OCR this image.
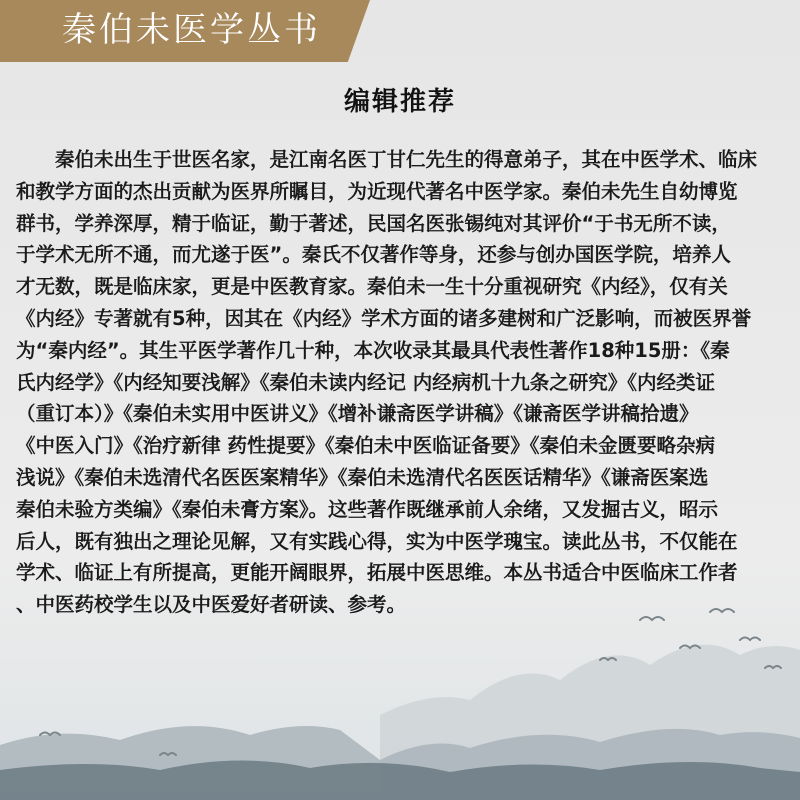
秦伯未医学丛书
编辑推荐
　　秦伯未出生于世医名家，是江南名医丁甘仁先生的得意弟子，其在中医学术、临床
和教学方面的杰出贡献为医界所瞩目，为近现代著名中医学家。秦伯未先生自幼博览
群书，学养深厚，精于临证，勤于著述，民国名医张锡纯对其评价“于书无所不读，
于学术无所不通，而尤遂于医”。秦氏不仅著作等身，还参与创办国医学院，培养人
才无数，既是临床家，更是中医教育家。秦伯未一生十分重视研究《内经》，仅有关
《内经》专著就有5种，因其在《内经》学术方面的诸多建树和广泛影响，而被医界誉
为“秦内经”。其生平医学著作几十种，本次收录其最具代表性著作18种15册：《秦
氏内经学》《内经知要浅解》《秦伯未读内经记 内经病机十九条之研究》《内经类证
（重订本）》《秦伯未实用中医讲义》《增补谦斋医学讲稿》《谦斋医学讲稿拾遗》
《中医入门》《治疗新律 药性提要》《秦伯未中医临证备要》《秦伯未金匮要略杂病
浅说》《秦伯未选清代名医医案精华》《秦伯未选清代名医医话精华》《谦斋医案选
秦伯未验方类编》《秦伯未膏方案》。这些著作既继承前人余绪，又发掘古义，昭示
后人，既有独出之理论见解，又有实践心得，实为中医学瑰宝。读此丛书，不仅能在
学术、临证上有所提高，更能开阔眼界，拓展中医思维。本丛书适合中医临床工作者
、中医药校学生以及中医爱好者研读、参考。
